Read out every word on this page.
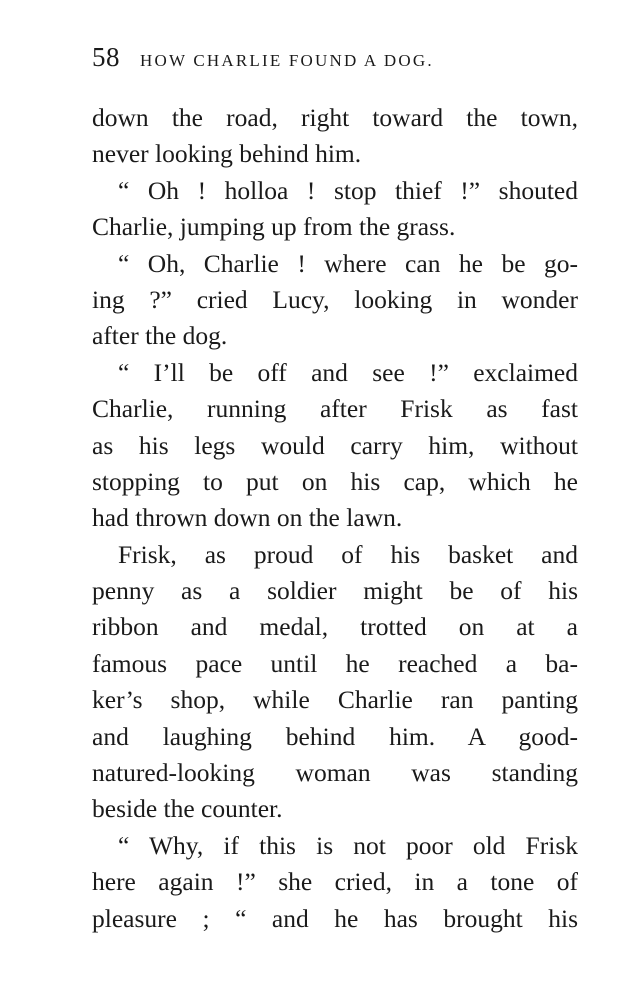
58 HOW CHARLIE FOUND A DOG.
down the road, right toward the town,
never looking behind him.
“ Oh ! holloa ! stop thief !” shouted
Charlie, jumping up from the grass.
“ Oh, Charlie ! where can he be go-
ing ?” cried Lucy, looking in wonder
after the dog.
“ I’ll be off and see !” exclaimed
Charlie, running after Frisk as fast
as his legs would carry him, without
stopping to put on his cap, which he
had thrown down on the lawn.
Frisk, as proud of his basket and
penny as a soldier might be of his
ribbon and medal, trotted on at a
famous pace until he reached a ba-
ker’s shop, while Charlie ran panting
and laughing behind him. A good-
natured-looking woman was standing
beside the counter.
“ Why, if this is not poor old Frisk
here again !” she cried, in a tone of
pleasure ; “ and he has brought his
